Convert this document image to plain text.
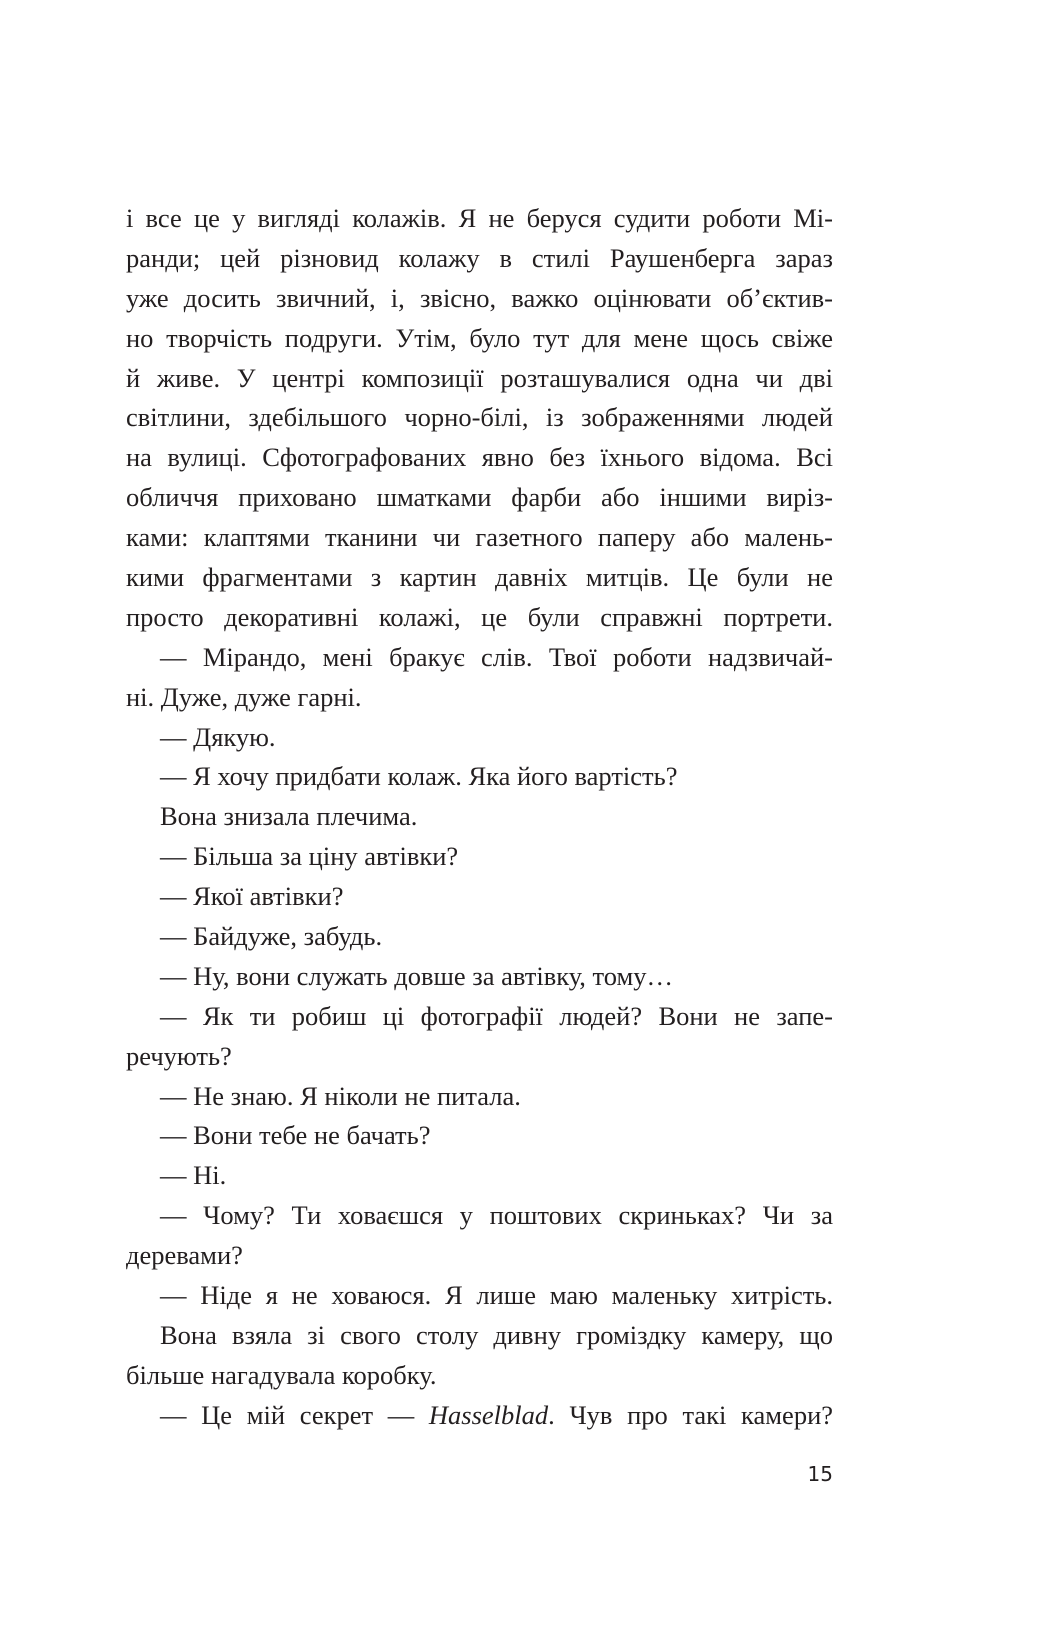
і все це у вигляді колажів. Я не беруся судити роботи Мі-
ранди; цей різновид колажу в стилі Раушенберга зараз
уже досить звичний, і, звісно, важко оцінювати об’єктив-
но творчість подруги. Утім, було тут для мене щось свіже
й живе. У центрі композиції розташувалися одна чи дві
світлини, здебільшого чорно-білі, із зображеннями людей
на вулиці. Сфотографованих явно без їхнього відома. Всі
обличчя приховано шматками фарби або іншими виріз-
ками: клаптями тканини чи газетного паперу або малень-
кими фрагментами з картин давніх митців. Це були не
просто декоративні колажі, це були справжні портрети.
— Мірандо, мені бракує слів. Твої роботи надзвичай-
ні. Дуже, дуже гарні.
— Дякую.
— Я хочу придбати колаж. Яка його вартість?
Вона знизала плечима.
— Більша за ціну автівки?
— Якої автівки?
— Байдуже, забудь.
— Ну, вони служать довше за автівку, тому…
— Як ти робиш ці фотографії людей? Вони не запе-
речують?
— Не знаю. Я ніколи не питала.
— Вони тебе не бачать?
— Ні.
— Чому? Ти ховаєшся у поштових скриньках? Чи за
деревами?
— Ніде я не ховаюся. Я лише маю маленьку хитрість.
Вона взяла зі свого столу дивну громіздку камеру, що
більше нагадувала коробку.
— Це мій секрет — Hasselblad. Чув про такі камери?
15
